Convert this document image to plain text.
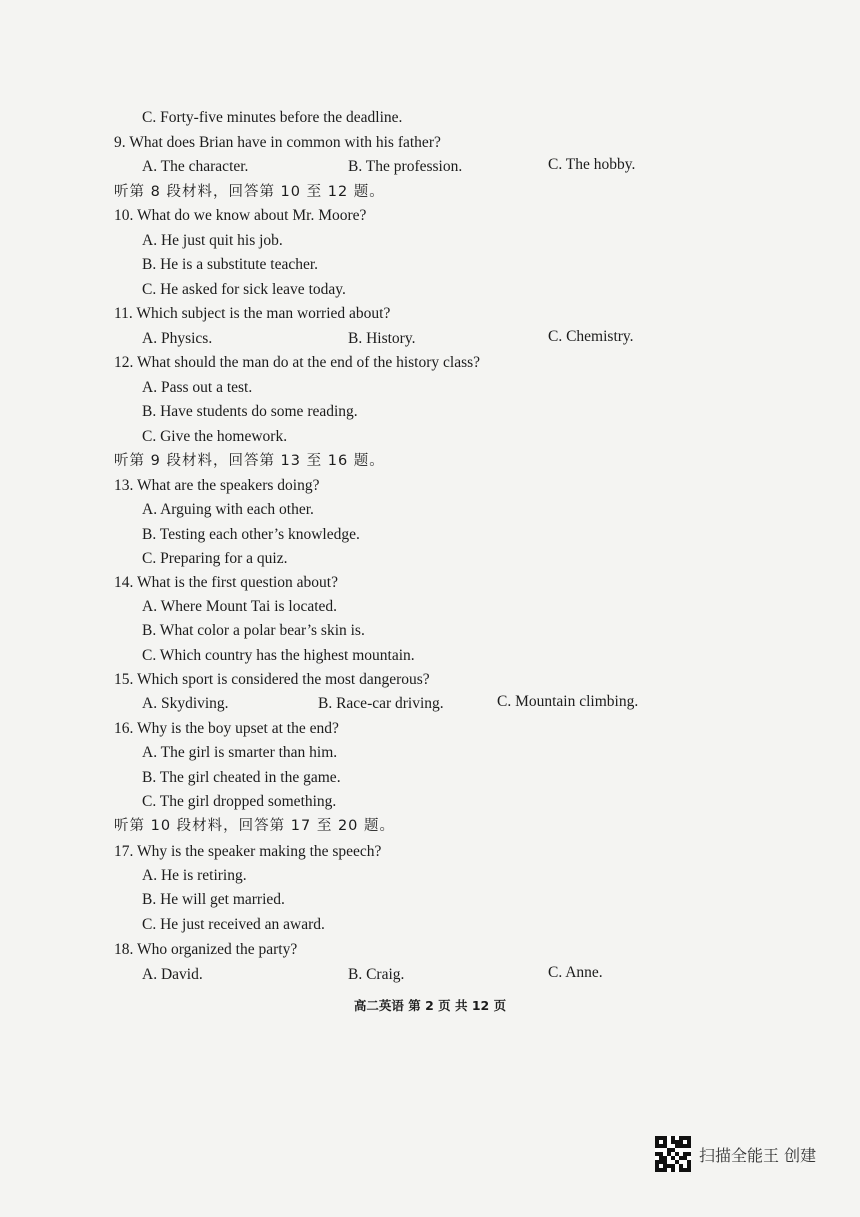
C. Forty-five minutes before the deadline.
9. What does Brian have in common with his father?
A. The character.	B. The profession.	C. The hobby.
听第 8 段材料，回答第 10 至 12 题。
10. What do we know about Mr. Moore?
A. He just quit his job.
B. He is a substitute teacher.
C. He asked for sick leave today.
11. Which subject is the man worried about?
A. Physics.	B. History.	C. Chemistry.
12. What should the man do at the end of the history class?
A. Pass out a test.
B. Have students do some reading.
C. Give the homework.
听第 9 段材料，回答第 13 至 16 题。
13. What are the speakers doing?
A. Arguing with each other.
B. Testing each other’s knowledge.
C. Preparing for a quiz.
14. What is the first question about?
A. Where Mount Tai is located.
B. What color a polar bear’s skin is.
C. Which country has the highest mountain.
15. Which sport is considered the most dangerous?
A. Skydiving.	B. Race-car driving.	C. Mountain climbing.
16. Why is the boy upset at the end?
A. The girl is smarter than him.
B. The girl cheated in the game.
C. The girl dropped something.
听第 10 段材料，回答第 17 至 20 题。
17. Why is the speaker making the speech?
A. He is retiring.
B. He will get married.
C. He just received an award.
18. Who organized the party?
A. David.	B. Craig.	C. Anne.
高二英语 第 2 页 共 12 页
扫描全能王 创建
